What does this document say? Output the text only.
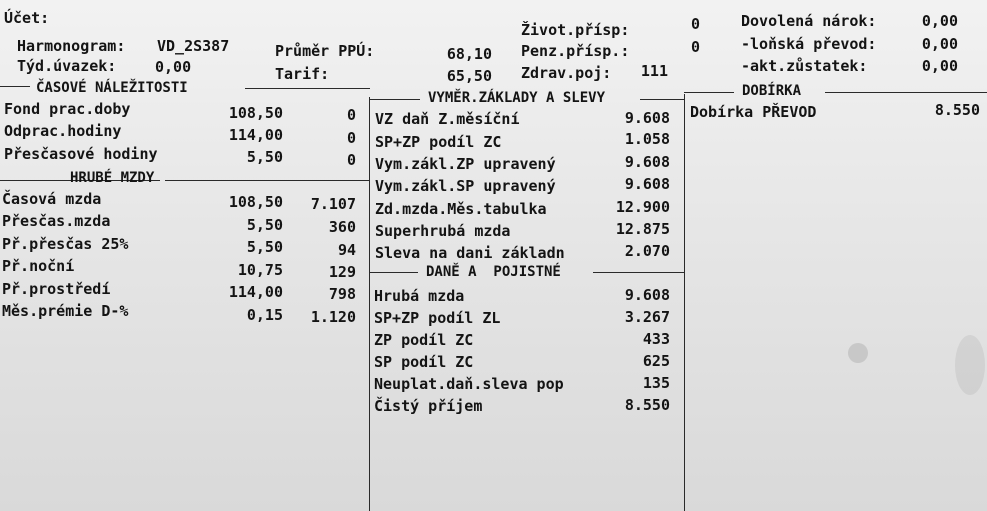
Účet:
Harmonogram: VD_2S387
Týd.úvazek:	0,00
Průměr PPÚ:	68,10
Tarif:	65,50
Život.přísp:	0
Penz.přísp.:	0
Zdrav.poj:	111
Dovolená nárok:	0,00
-loňská převod:	0,00
-akt.zůstatek:	0,00
ČASOVÉ NÁLEŽITOSTI
VYMĚR.ZÁKLADY A SLEVY	DOBÍRKA
HRUBÉ MZDY
DANĚ A  POJISTNÉ
Fond prac.doby	108,50	0
Odprac.hodiny	114,00	0
Přesčasové hodiny	5,50	0
Časová mzda	108,50	7.107
Přesčas.mzda	5,50	360
Př.přesčas 25%	5,50	94
Př.noční	10,75	129
Př.prostředí	114,00	798
Měs.prémie D-%	0,15	1.120
VZ daň Z.měsíční	9.608
SP+ZP podíl ZC	1.058
Vym.zákl.ZP upravený	9.608
Vym.zákl.SP upravený	9.608
Zd.mzda.Měs.tabulka	12.900
Superhrubá mzda	12.875
Sleva na dani základn	2.070
Hrubá mzda	9.608
SP+ZP podíl ZL	3.267
ZP podíl ZC	433
SP podíl ZC	625
Neuplat.daň.sleva pop	135
Čistý příjem	8.550
Dobírka PŘEVOD	8.550
